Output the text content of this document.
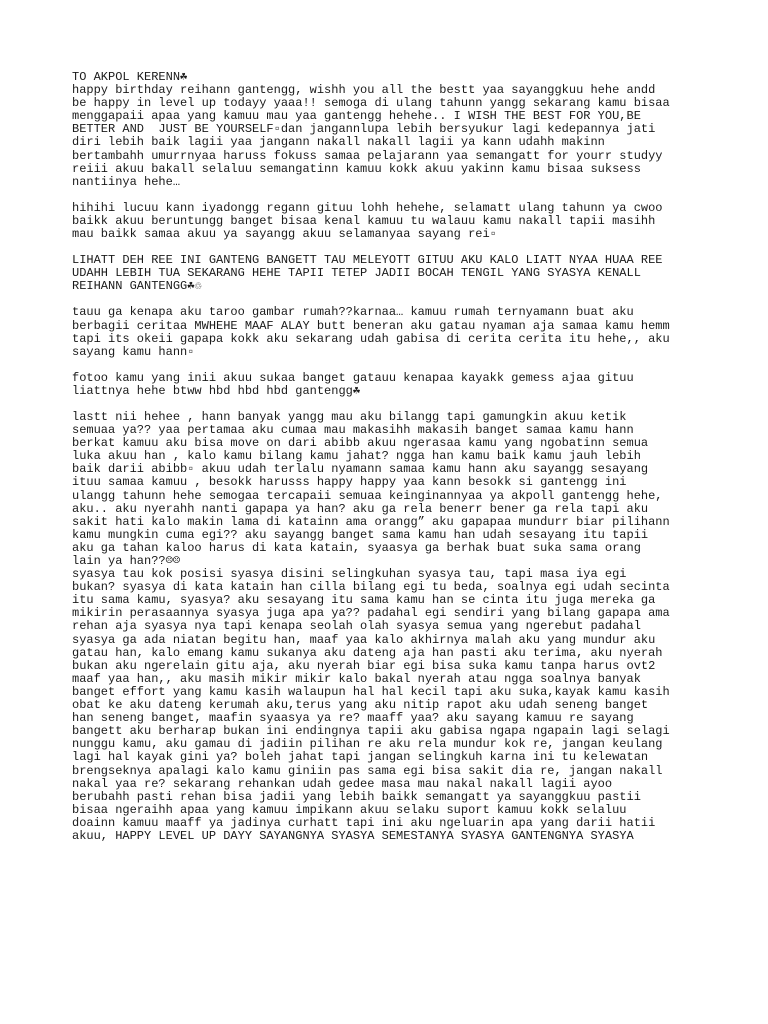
TO AKPOL KERENN☘
happy birthday reihann gantengg, wishh you all the bestt yaa sayanggkuu hehe andd
be happy in level up todayy yaaa!! semoga di ulang tahunn yangg sekarang kamu bisaa
menggapaii apaa yang kamuu mau yaa gantengg hehehe.. I WISH THE BEST FOR YOU,BE
BETTER AND  JUST BE YOURSELF▫dan jangannlupa lebih bersyukur lagi kedepannya jati
diri lebih baik lagii yaa jangann nakall nakall lagii ya kann udahh makinn
bertambahh umurrnyaa haruss fokuss samaa pelajarann yaa semangatt for yourr studyy
reiii akuu bakall selaluu semangatinn kamuu kokk akuu yakinn kamu bisaa suksess
nantiinya hehe…
hihihi lucuu kann iyadongg regann gituu lohh hehehe, selamatt ulang tahunn ya cwoo
baikk akuu beruntungg banget bisaa kenal kamuu tu walauu kamu nakall tapii masihh
mau baikk samaa akuu ya sayangg akuu selamanyaa sayang rei▫
LIHATT DEH REE INI GANTENG BANGETT TAU MELEYOTT GITUU AKU KALO LIATT NYAA HUAA REE
UDAHH LEBIH TUA SEKARANG HEHE TAPII TETEP JADII BOCAH TENGIL YANG SYASYA KENALL
REIHANN GANTENGG☘♲
tauu ga kenapa aku taroo gambar rumah??karnaa… kamuu rumah ternyamann buat aku
berbagii ceritaa MWHEHE MAAF ALAY butt beneran aku gatau nyaman aja samaa kamu hemm
tapi its okeii gapapa kokk aku sekarang udah gabisa di cerita cerita itu hehe,, aku
sayang kamu hann▫
fotoo kamu yang inii akuu sukaa banget gatauu kenapaa kayakk gemess ajaa gituu
liattnya hehe btww hbd hbd hbd gantengg☘
lastt nii hehee , hann banyak yangg mau aku bilangg tapi gamungkin akuu ketik
semuaa ya?? yaa pertamaa aku cumaa mau makasihh makasih banget samaa kamu hann
berkat kamuu aku bisa move on dari abibb akuu ngerasaa kamu yang ngobatinn semua
luka akuu han , kalo kamu bilang kamu jahat? ngga han kamu baik kamu jauh lebih
baik darii abibb▫ akuu udah terlalu nyamann samaa kamu hann aku sayangg sesayang
ituu samaa kamuu , besokk harusss happy happy yaa kann besokk si gantengg ini
ulangg tahunn hehe semogaa tercapaii semuaa keinginannyaa ya akpoll gantengg hehe,
aku.. aku nyerahh nanti gapapa ya han? aku ga rela benerr bener ga rela tapi aku
sakit hati kalo makin lama di katainn ama orangg” aku gapapaa mundurr biar pilihann
kamu mungkin cuma egi?? aku sayangg banget sama kamu han udah sesayang itu tapii
aku ga tahan kaloo harus di kata katain, syaasya ga berhak buat suka sama orang
lain ya han??☹☹
syasya tau kok posisi syasya disini selingkuhan syasya tau, tapi masa iya egi
bukan? syasya di kata katain han cilla bilang egi tu beda, soalnya egi udah secinta
itu sama kamu, syasya? aku sesayang itu sama kamu han se cinta itu juga mereka ga
mikirin perasaannya syasya juga apa ya?? padahal egi sendiri yang bilang gapapa ama
rehan aja syasya nya tapi kenapa seolah olah syasya semua yang ngerebut padahal
syasya ga ada niatan begitu han, maaf yaa kalo akhirnya malah aku yang mundur aku
gatau han, kalo emang kamu sukanya aku dateng aja han pasti aku terima, aku nyerah
bukan aku ngerelain gitu aja, aku nyerah biar egi bisa suka kamu tanpa harus ovt2
maaf yaa han,, aku masih mikir mikir kalo bakal nyerah atau ngga soalnya banyak
banget effort yang kamu kasih walaupun hal hal kecil tapi aku suka,kayak kamu kasih
obat ke aku dateng kerumah aku,terus yang aku nitip rapot aku udah seneng banget
han seneng banget, maafin syaasya ya re? maaff yaa? aku sayang kamuu re sayang
bangett aku berharap bukan ini endingnya tapii aku gabisa ngapa ngapain lagi selagi
nunggu kamu, aku gamau di jadiin pilihan re aku rela mundur kok re, jangan keulang
lagi hal kayak gini ya? boleh jahat tapi jangan selingkuh karna ini tu kelewatan
brengseknya apalagi kalo kamu giniin pas sama egi bisa sakit dia re, jangan nakall
nakal yaa re? sekarang rehankan udah gedee masa mau nakal nakall lagii ayoo
berubahh pasti rehan bisa jadii yang lebih baikk semangatt ya sayanggkuu pastii
bisaa ngeraihh apaa yang kamuu impikann akuu selaku suport kamuu kokk selaluu
doainn kamuu maaff ya jadinya curhatt tapi ini aku ngeluarin apa yang darii hatii
akuu, HAPPY LEVEL UP DAYY SAYANGNYA SYASYA SEMESTANYA SYASYA GANTENGNYA SYASYA
